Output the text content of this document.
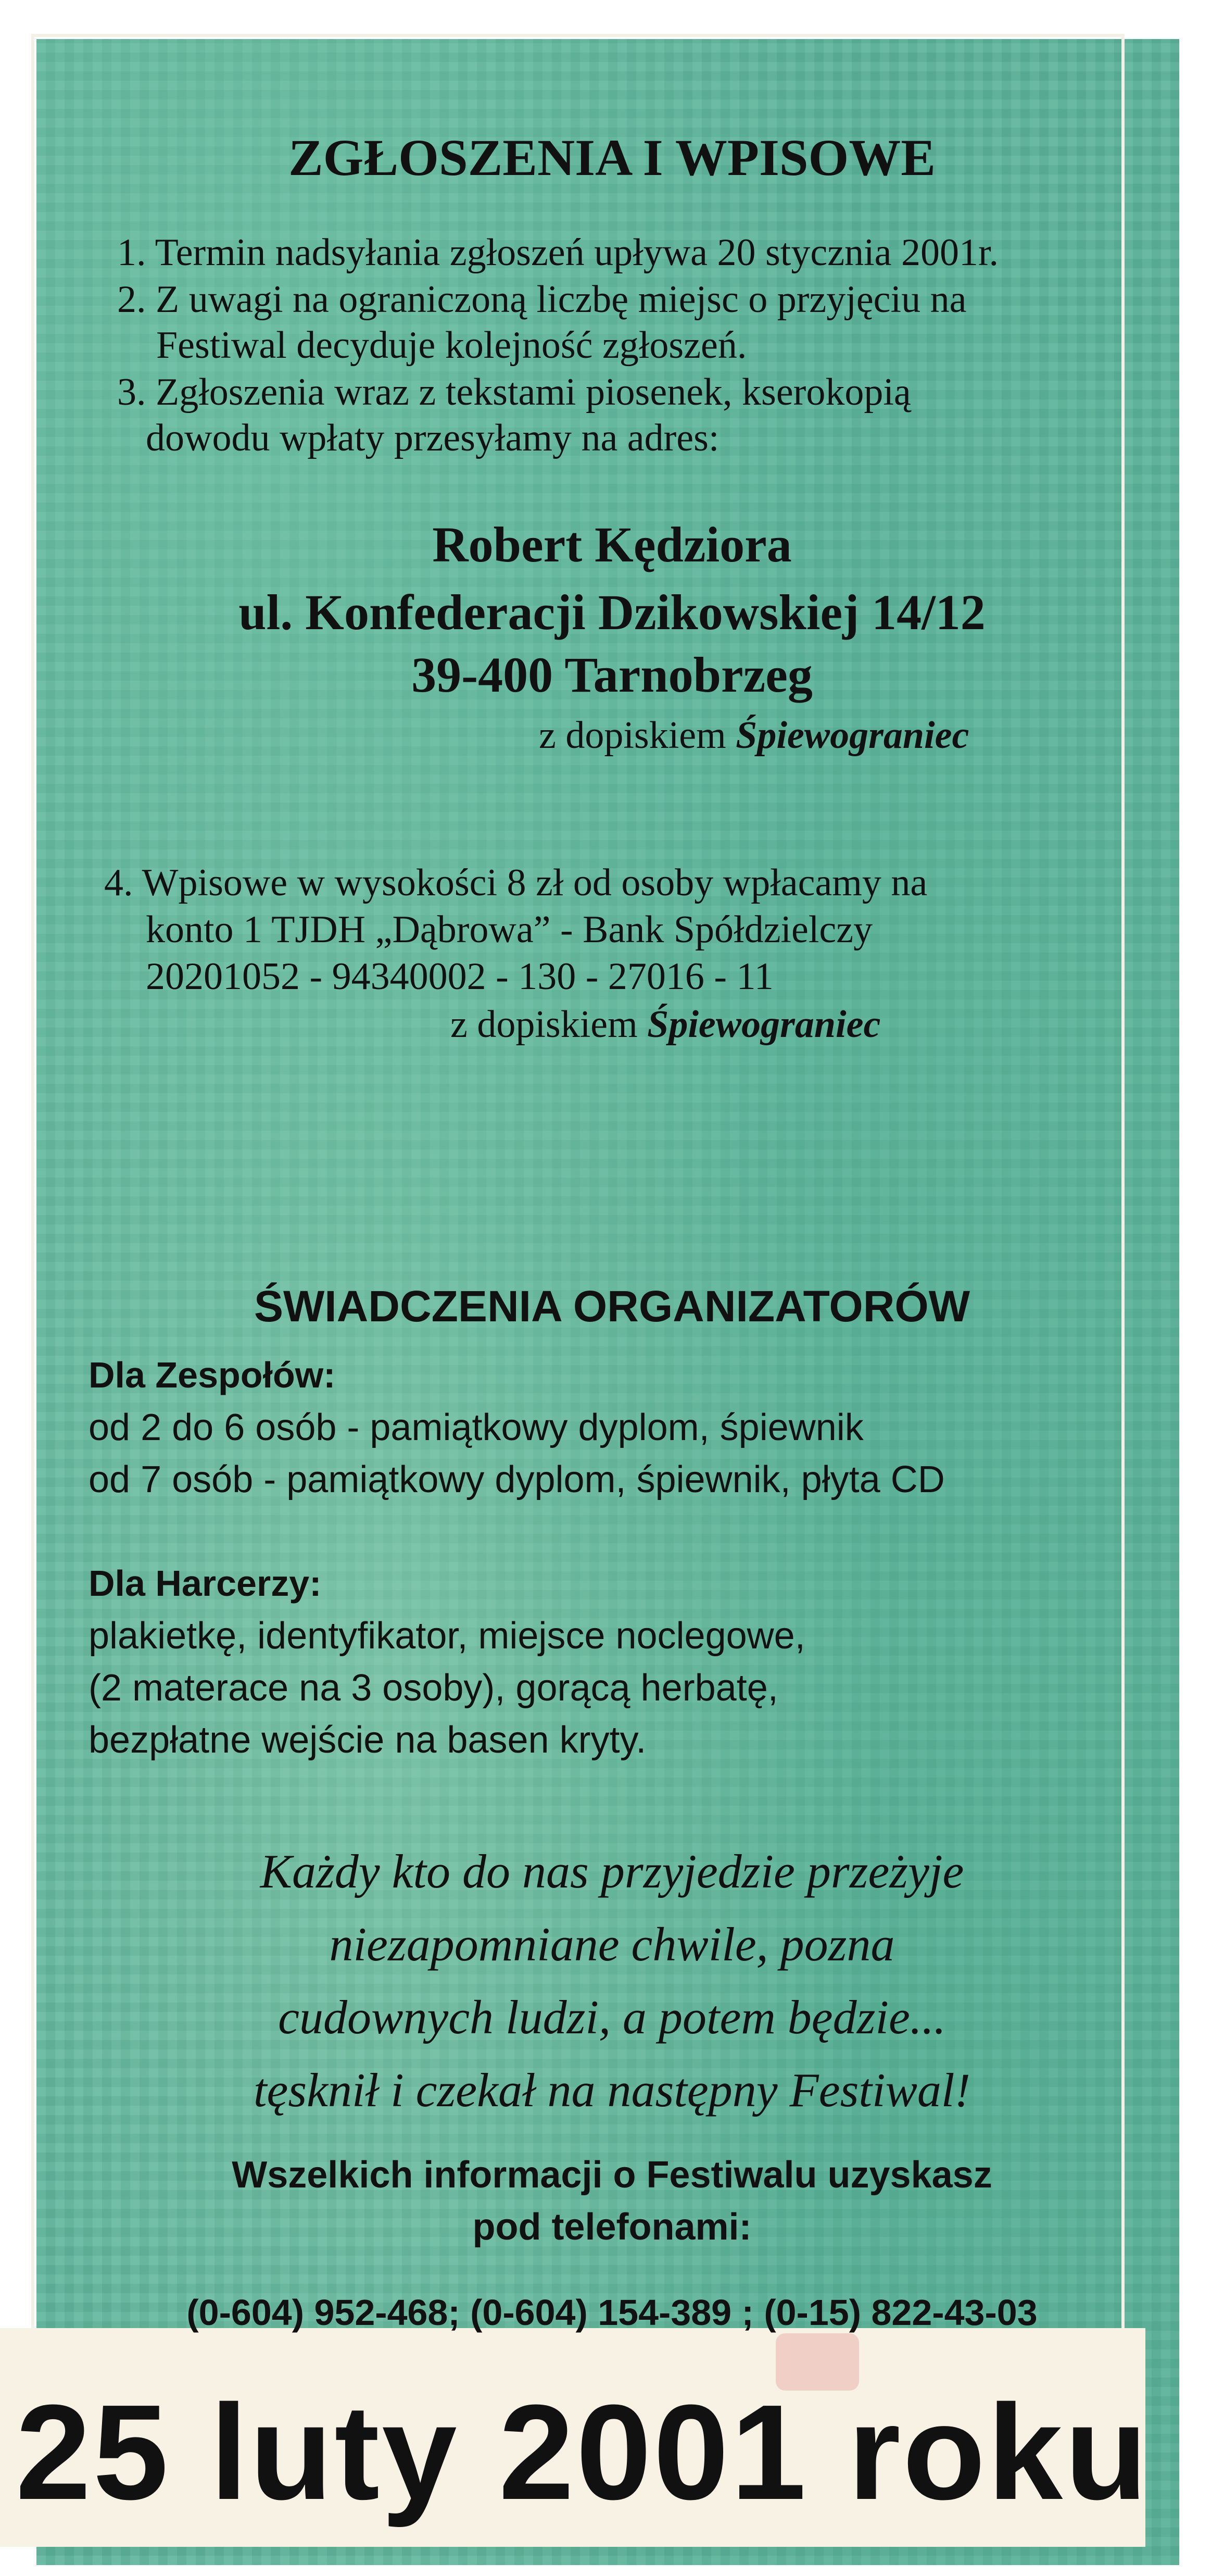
ZGŁOSZENIA I WPISOWE

1. Termin nadsyłania zgłoszeń upływa 20 stycznia 2001r.

2. Z uwagi na ograniczoną liczbę miejsc o przyjęciu na

Festiwal decyduje kolejność zgłoszeń.

3. Zgłoszenia wraz z tekstami piosenek, kserokopią

dowodu wpłaty przesyłamy na adres:

Robert Kędziora

ul. Konfederacji Dzikowskiej 14/12

39-400 Tarnobrzeg

z dopiskiem Śpiewograniec

4. Wpisowe w wysokości 8 zł od osoby wpłacamy na

konto 1 TJDH „Dąbrowa” - Bank Spółdzielczy

20201052 - 94340002 - 130 - 27016 - 11

z dopiskiem Śpiewograniec

ŚWIADCZENIA ORGANIZATORÓW

Dla Zespołów:

od 2 do 6 osób - pamiątkowy dyplom, śpiewnik

od 7 osób - pamiątkowy dyplom, śpiewnik, płyta CD

Dla Harcerzy:

plakietkę, identyfikator, miejsce noclegowe,

(2 materace na 3 osoby), gorącą herbatę,

bezpłatne wejście na basen kryty.

Każdy kto do nas przyjedzie przeżyje

niezapomniane chwile, pozna

cudownych ludzi, a potem będzie...

tęsknił i czekał na następny Festiwal!

Wszelkich informacji o Festiwalu uzyskasz

pod telefonami:

(0-604) 952-468; (0-604) 154-389 ; (0-15) 822-43-03

25 luty 2001 roku
